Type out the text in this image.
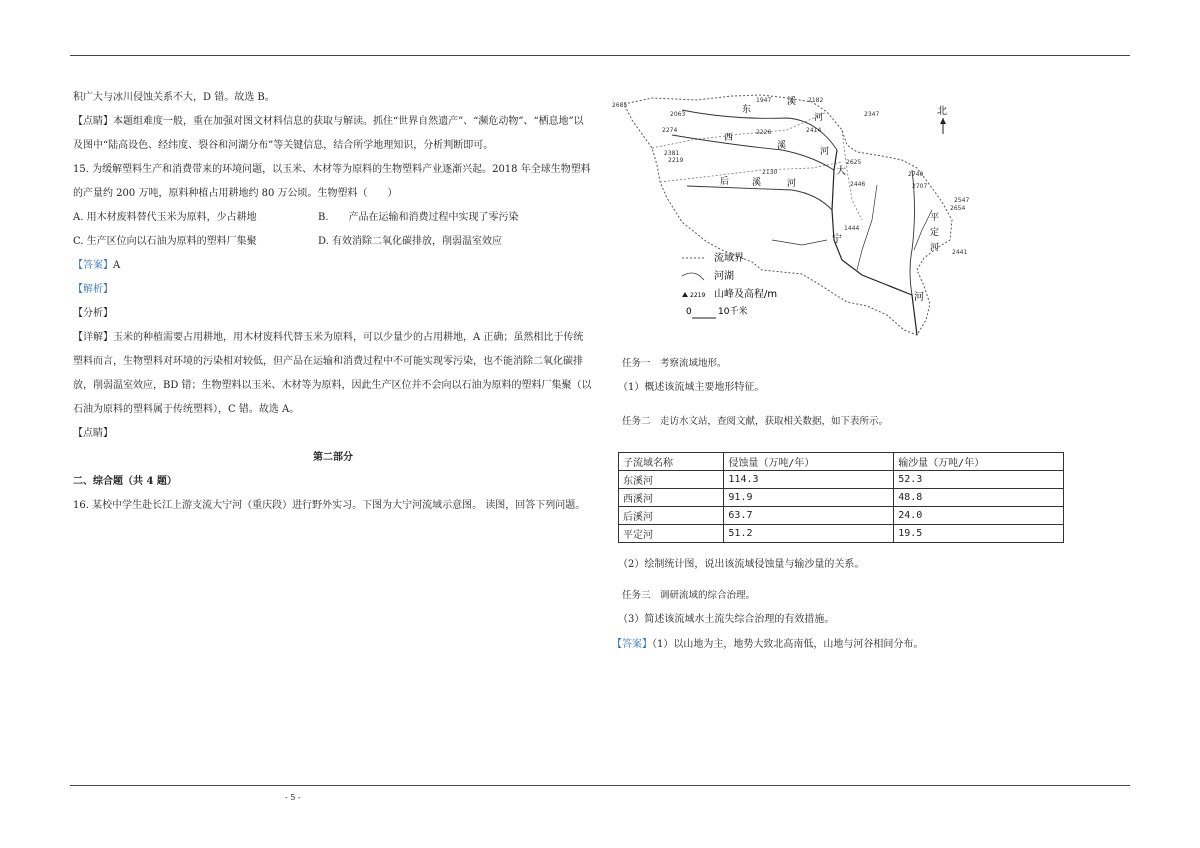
积广大与冰川侵蚀关系不大，D 错。故选 B。

【点睛】本题组难度一般，重在加强对图文材料信息的获取与解读。抓住“世界自然遗产”、“濒危动物”、“栖息地”以及图中“陆高设色、经纬度、裂谷和河湖分布”等关键信息，结合所学地理知识，分析判断即可。

15. 为缓解塑料生产和消费带来的环境问题，以玉米、木材等为原料的生物塑料产业逐渐兴起。2018 年全球生物塑料的产量约 200 万吨，原料种植占用耕地约 80 万公顷。生物塑料（　　）

A. 用木材废料替代玉米为原料，少占耕地	B.　　产品在运输和消费过程中实现了零污染

C. 生产区位向以石油为原料的塑料厂集聚	D. 有效消除二氧化碳排放，削弱温室效应

【答案】A

【解析】

【分析】

【详解】玉米的种植需要占用耕地，用木材废料代替玉米为原料，可以少量少的占用耕地，A 正确；虽然相比于传统塑料而言，生物塑料对环境的污染相对较低，但产品在运输和消费过程中不可能实现零污染，也不能消除二氧化碳排放，削弱温室效应，BD 错；生物塑料以玉米、木材等为原料，因此生产区位并不会向以石油为原料的塑料厂集聚（以石油为原料的塑料属于传统塑料），C 错。故选 A。

【点睛】

第二部分

二、综合题（共 4 题）

16. 某校中学生赴长江上游支流大宁河（重庆段）进行野外实习。下图为大宁河流域示意图。 读图，回答下列问题。

东
溪
河
西
溪
河
后	溪	河
大
宁
河
平
定
河
2685
1947	2182
2063	2347
2274	2226	2414
2381
2219	2625
2130
2446
2740
2707
2654
2547
1444
2441
北
流域界
河湖
2219 山峰及高程/m
0	10千米
任务一　考察流域地形。
（1）概述该流域主要地形特征。
任务二　走访水文站，查阅文献，获取相关数据，如下表所示。
子流域名称	侵蚀量（万吨/年）	输沙量（万吨/年）
东溪河	114.3	52.3
西溪河	91.9	48.8
后溪河	63.7	24.0
平定河	51.2	19.5
（2）绘制统计图，说出该流域侵蚀量与输沙量的关系。
任务三　调研流域的综合治理。
（3）简述该流域水土流失综合治理的有效措施。
【答案】（1）以山地为主，地势大致北高南低，山地与河谷相间分布。
- 5 -
